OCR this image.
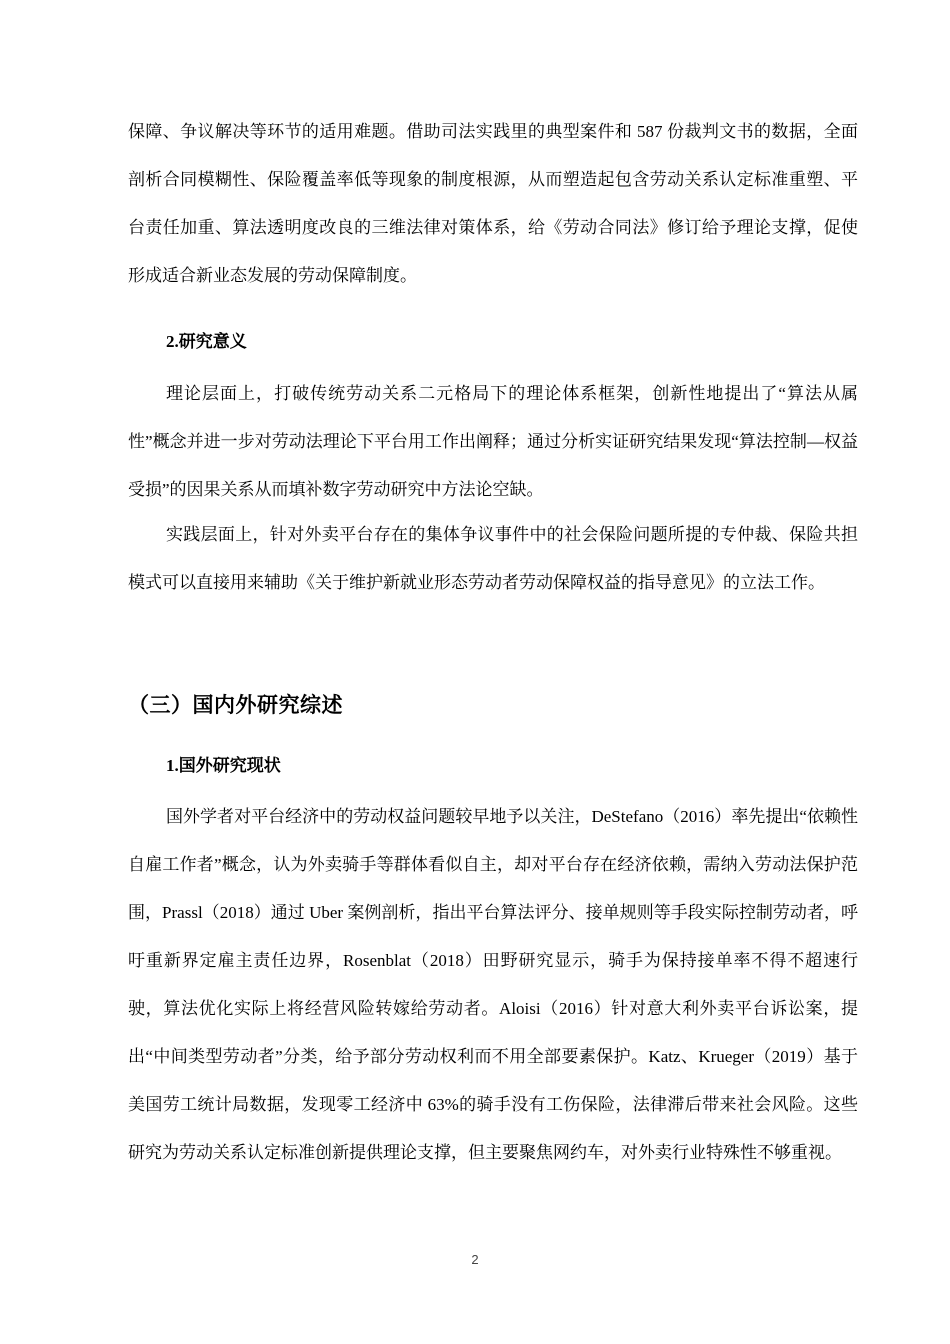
保障、争议解决等环节的适用难题。借助司法实践里的典型案件和 587 份裁判文书的数据，全面剖析合同模糊性、保险覆盖率低等现象的制度根源，从而塑造起包含劳动关系认定标准重塑、平台责任加重、算法透明度改良的三维法律对策体系，给《劳动合同法》修订给予理论支撑，促使形成适合新业态发展的劳动保障制度。

2.研究意义

理论层面上，打破传统劳动关系二元格局下的理论体系框架，创新性地提出了“算法从属性”概念并进一步对劳动法理论下平台用工作出阐释；通过分析实证研究结果发现“算法控制—权益受损”的因果关系从而填补数字劳动研究中方法论空缺。

实践层面上，针对外卖平台存在的集体争议事件中的社会保险问题所提的专仲裁、保险共担模式可以直接用来辅助《关于维护新就业形态劳动者劳动保障权益的指导意见》的立法工作。

（三）国内外研究综述

1.国外研究现状

国外学者对平台经济中的劳动权益问题较早地予以关注，DeStefano（2016）率先提出“依赖性自雇工作者”概念，认为外卖骑手等群体看似自主，却对平台存在经济依赖，需纳入劳动法保护范围，Prassl（2018）通过 Uber 案例剖析，指出平台算法评分、接单规则等手段实际控制劳动者，呼吁重新界定雇主责任边界，Rosenblat（2018）田野研究显示，骑手为保持接单率不得不超速行驶，算法优化实际上将经营风险转嫁给劳动者。Aloisi（2016）针对意大利外卖平台诉讼案，提出“中间类型劳动者”分类，给予部分劳动权利而不用全部要素保护。Katz、Krueger（2019）基于美国劳工统计局数据，发现零工经济中 63%的骑手没有工伤保险，法律滞后带来社会风险。这些研究为劳动关系认定标准创新提供理论支撑，但主要聚焦网约车，对外卖行业特殊性不够重视。

2
